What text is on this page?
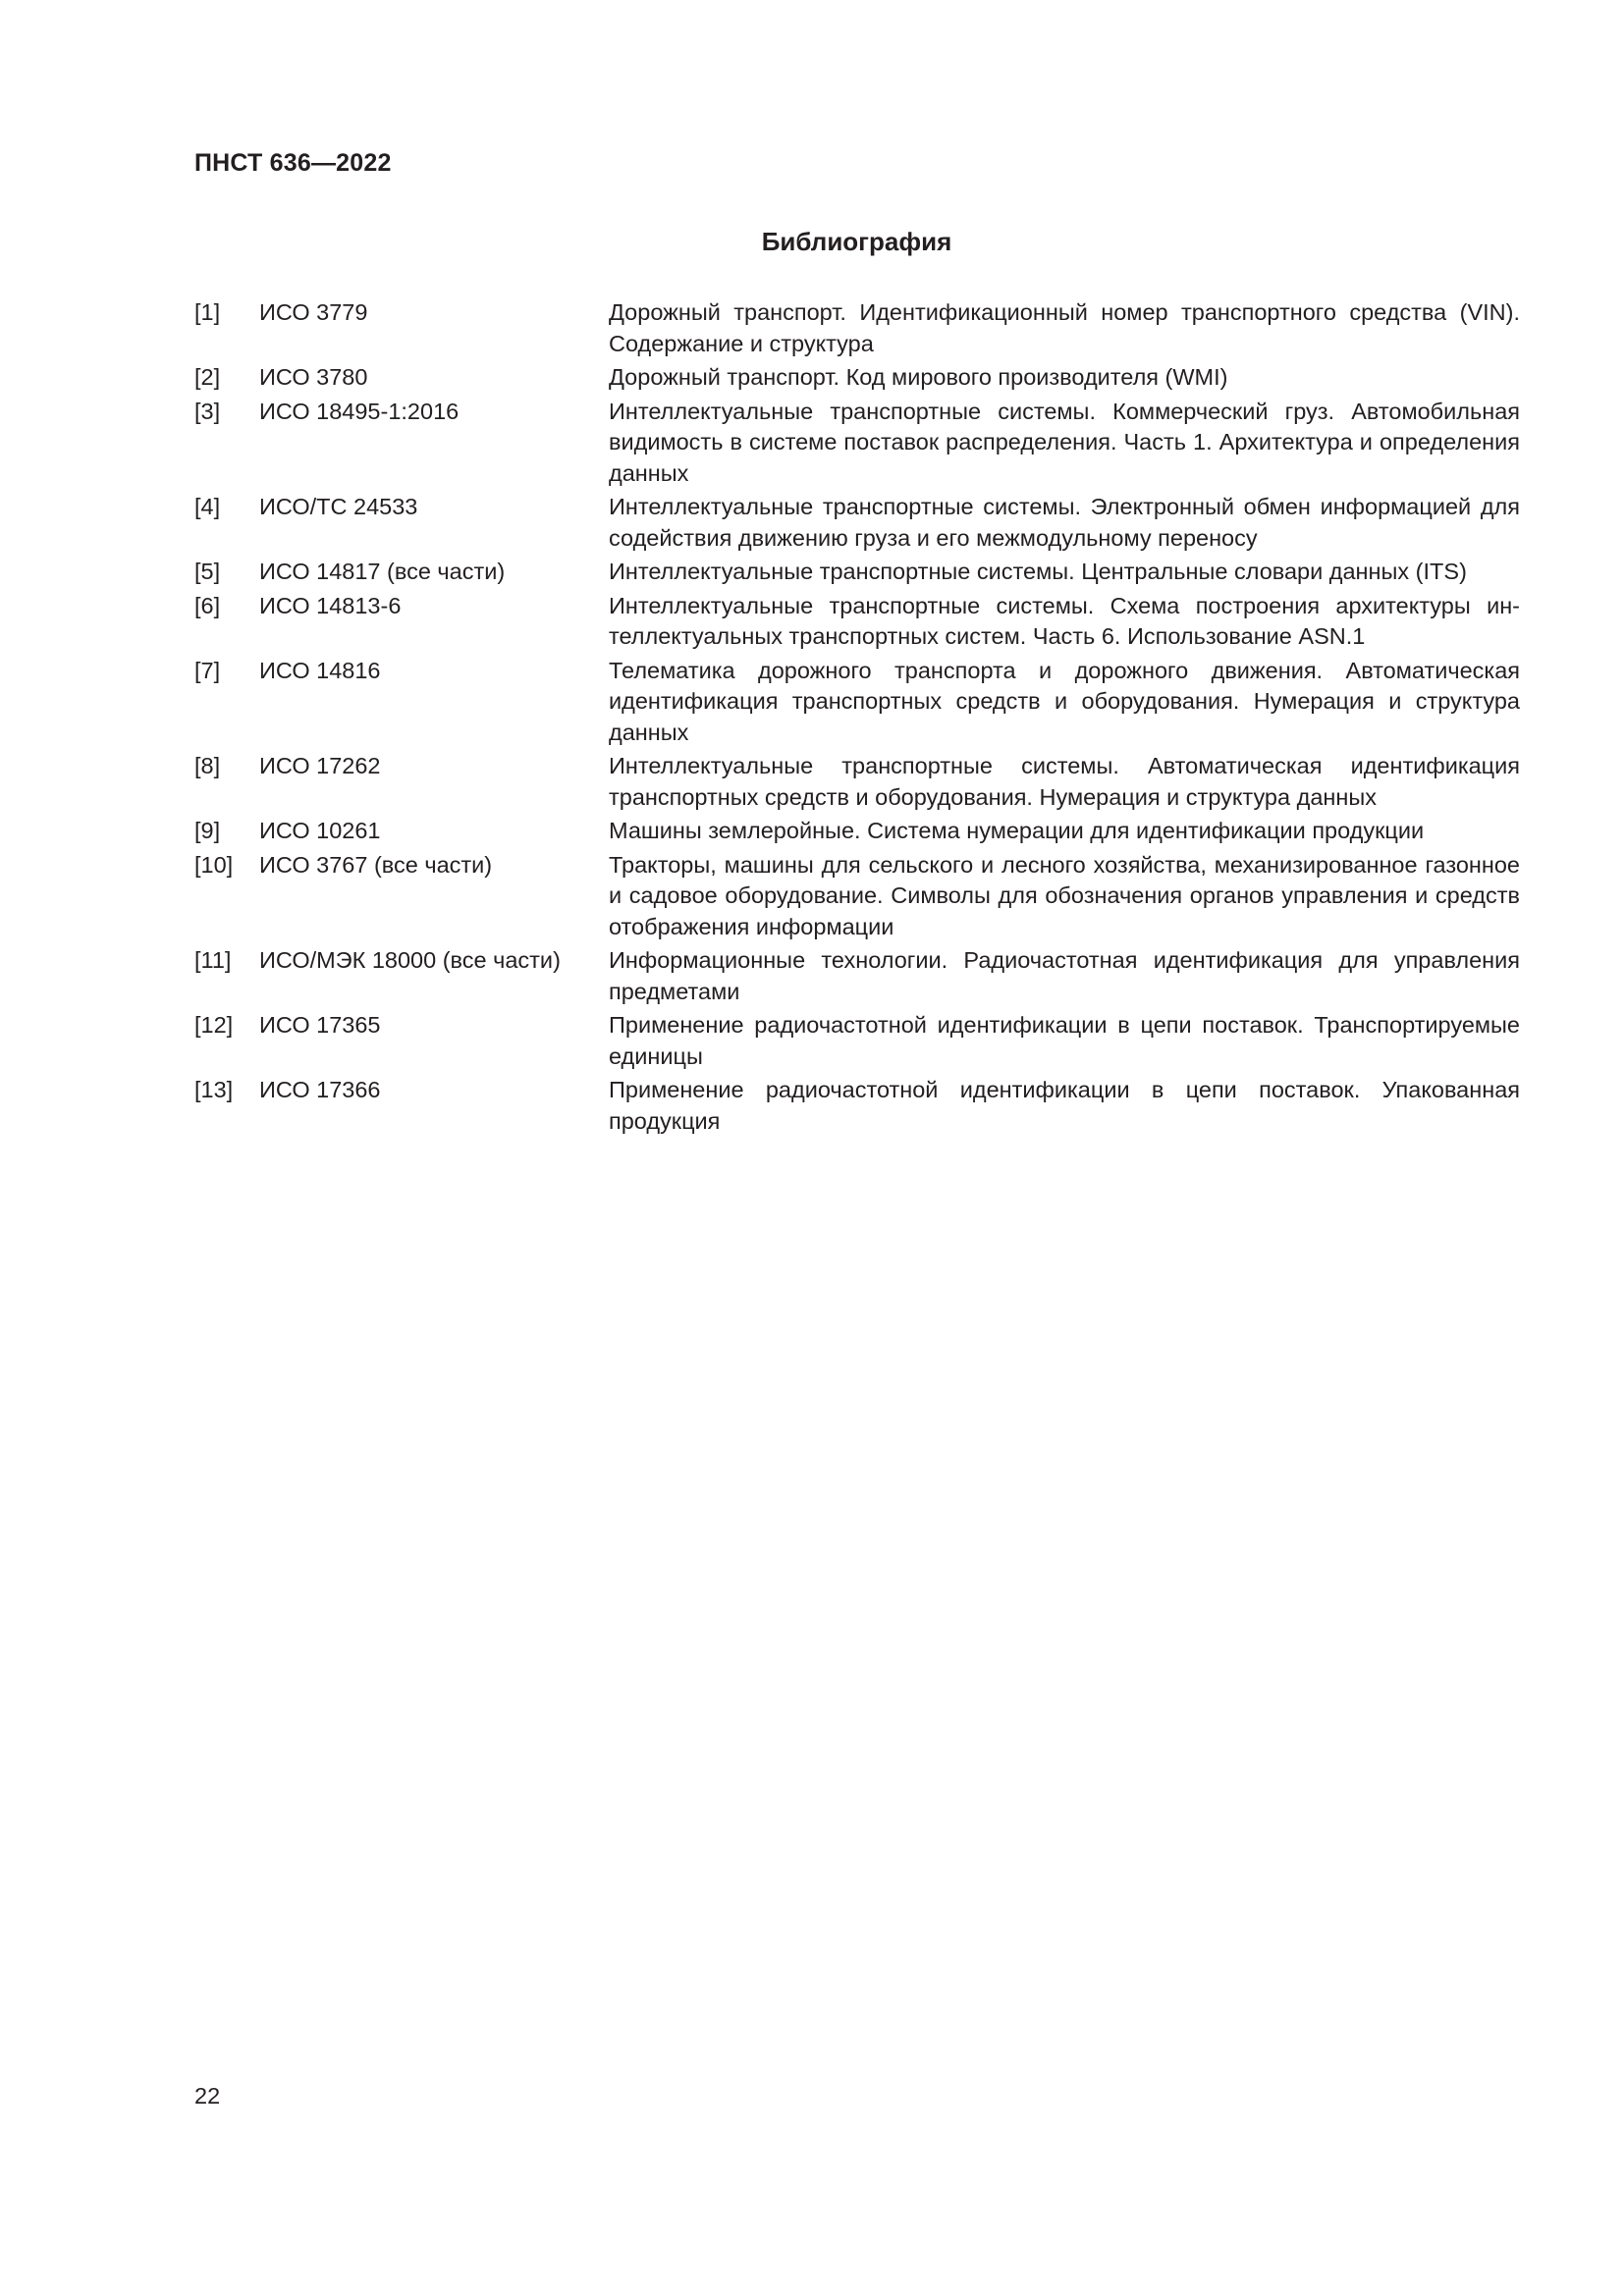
ПНСТ 636—2022
Библиография
[1]	ИСО 3779	Дорожный транспорт. Идентификационный номер транспортного средства (VIN). Содержание и структура
[2]	ИСО 3780	Дорожный транспорт. Код мирового производителя (WMI)
[3]	ИСО 18495-1:2016	Интеллектуальные транспортные системы. Коммерческий груз. Автомобильная видимость в системе поставок распределения. Часть 1. Архитектура и определения данных
[4]	ИСО/ТС 24533	Интеллектуальные транспортные системы. Электронный обмен информацией для содействия движению груза и его межмодульному переносу
[5]	ИСО 14817 (все части)	Интеллектуальные транспортные системы. Центральные словари данных (ITS)
[6]	ИСО 14813-6	Интеллектуальные транспортные системы. Схема построения архитектуры интеллектуальных транспортных систем. Часть 6. Использование ASN.1
[7]	ИСО 14816	Телематика дорожного транспорта и дорожного движения. Автоматическая идентификация транспортных средств и оборудования. Нумерация и структура данных
[8]	ИСО 17262	Интеллектуальные транспортные системы. Автоматическая идентификация транспортных средств и оборудования. Нумерация и структура данных
[9]	ИСО 10261	Машины землеройные. Система нумерации для идентификации продукции
[10]	ИСО 3767 (все части)	Тракторы, машины для сельского и лесного хозяйства, механизированное газонное и садовое оборудование. Символы для обозначения органов управления и средств отображения информации
[11]	ИСО/МЭК 18000 (все части)	Информационные технологии. Радиочастотная идентификация для управления предметами
[12]	ИСО 17365	Применение радиочастотной идентификации в цепи поставок. Транспортируемые единицы
[13]	ИСО 17366	Применение радиочастотной идентификации в цепи поставок. Упакованная продукция
22
